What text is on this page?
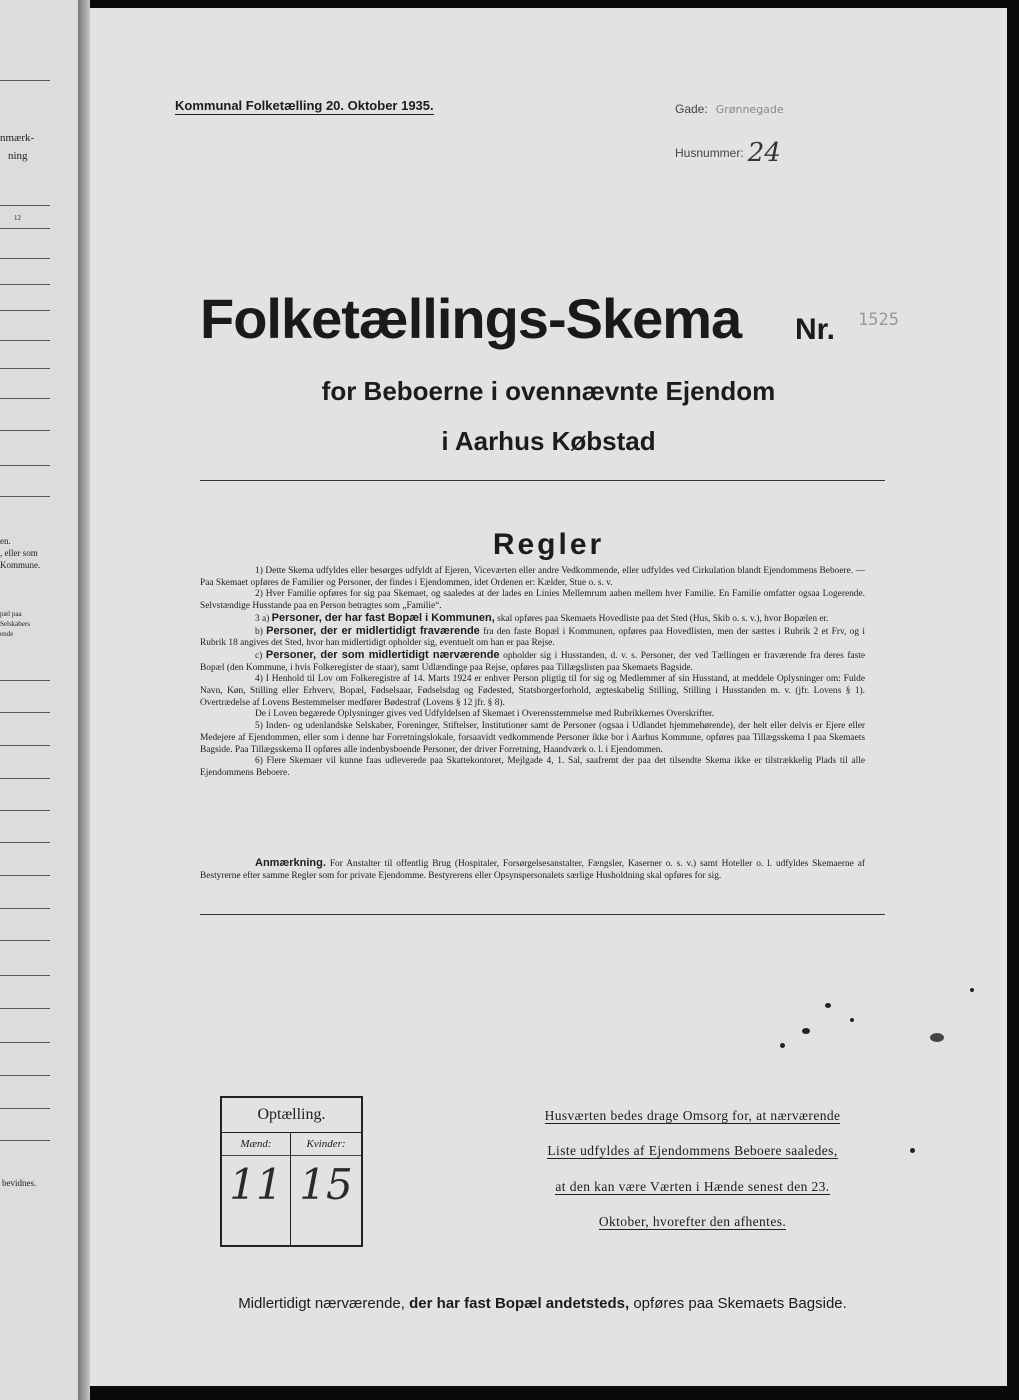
nmærk-
ning
12
en.
, eller som
Kommune.
pæl paa
Selskabers
ende
bevidnes.
Kommunal Folketælling 20. Oktober 1935.	Gade: Grønnegade
Husnummer: 24
Folketællings-Skema Nr. 1525
for Beboerne i ovennævnte Ejendom
i Aarhus Købstad
Regler

1) Dette Skema udfyldes eller besørges udfyldt af Ejeren, Viceværten eller andre Vedkommende, eller udfyldes ved Cirkulation blandt Ejendommens Beboere. — Paa Skemaet opføres de Familier og Personer, der findes i Ejendommen, idet Ordenen er: Kælder, Stue o. s. v.

2) Hver Familie opføres for sig paa Skemaet, og saaledes at der lades en Linies Mellemrum aaben mellem hver Familie. En Familie omfatter ogsaa Logerende. Selvstændige Husstande paa en Person betragtes som „Familie“.

3 a) Personer, der har fast Bopæl i Kommunen, skal opføres paa Skemaets Hovedliste paa det Sted (Hus, Skib o. s. v.), hvor Bopælen er.

b) Personer, der er midlertidigt fraværende fra den faste Bopæl i Kommunen, opføres paa Hovedlisten, men der sættes i Rubrik 2 et Frv, og i Rubrik 18 angives det Sted, hvor han midlertidigt opholder sig, eventuelt om han er paa Rejse.

c) Personer, der som midlertidigt nærværende opholder sig i Husstanden, d. v. s. Personer, der ved Tællingen er fraværende fra deres faste Bopæl (den Kommune, i hvis Folkeregister de staar), samt Udlændinge paa Rejse, opføres paa Tillægslisten paa Skemaets Bagside.

4) I Henhold til Lov om Folkeregistre af 14. Marts 1924 er enhver Person pligtig til for sig og Medlemmer af sin Husstand, at meddele Oplysninger om: Fulde Navn, Køn, Stilling eller Erhverv, Bopæl, Fødselsaar, Fødselsdag og Fødested, Statsborgerforhold, ægteskabelig Stilling, Stilling i Husstanden m. v. (jfr. Lovens § 1). Overtrædelse af Lovens Bestemmelser medfører Bødestraf (Lovens § 12 jfr. § 8).

De i Loven begærede Oplysninger gives ved Udfyldelsen af Skemaet i Overensstemmelse med Rubrikkernes Overskrifter.

5) Inden- og udenlandske Selskaber, Foreninger, Stiftelser, Institutioner samt de Personer (ogsaa i Udlandet hjemmehørende), der helt eller delvis er Ejere eller Medejere af Ejendommen, eller som i denne har Forretningslokale, forsaavidt vedkommende Personer ikke bor i Aarhus Kommune, opføres paa Tillægsskema I paa Skemaets Bagside. Paa Tillægsskema II opføres alle indenbysboende Personer, der driver Forretning, Haandværk o. l. i Ejendommen.

6) Flere Skemaer vil kunne faas udleverede paa Skattekontoret, Mejlgade 4, 1. Sal, saafremt der paa det tilsendte Skema ikke er tilstrækkelig Plads til alle Ejendommens Beboere.

Anmærkning. For Anstalter til offentlig Brug (Hospitaler, Forsørgelsesanstalter, Fængsler, Kaserner o. s. v.) samt Hoteller o. l. udfyldes Skemaerne af Bestyrerne efter samme Regler som for private Ejendomme. Bestyrerens eller Opsynspersonalets særlige Husholdning skal opføres for sig.
Optælling.
Mænd:	Kvinder:
11 15
Husværten bedes drage Omsorg for, at nærværende
Liste udfyldes af Ejendommens Beboere saaledes,
at den kan være Værten i Hænde senest den 23.
Oktober, hvorefter den afhentes.
Midlertidigt nærværende, der har fast Bopæl andetsteds, opføres paa Skemaets Bagside.
